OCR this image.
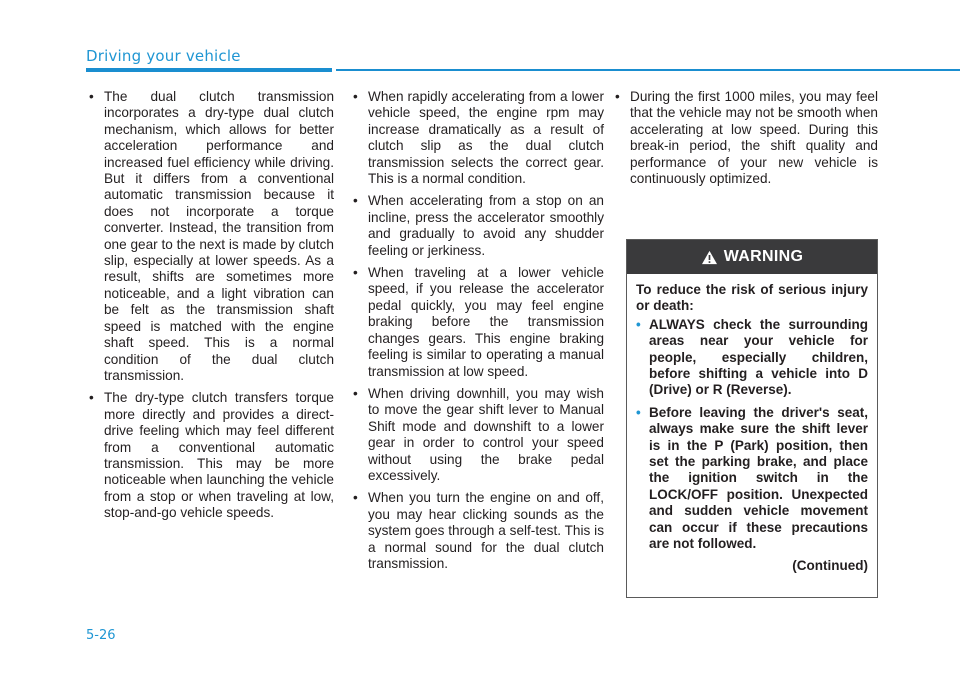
Driving your vehicle
• The dual clutch transmission incorporates a dry-type dual clutch mechanism, which allows for better acceleration performance and increased fuel efficiency while driving. But it differs from a conventional automatic transmission because it does not incorporate a torque converter. Instead, the transition from one gear to the next is made by clutch slip, especially at lower speeds. As a result, shifts are sometimes more noticeable, and a light vibration can be felt as the transmission shaft speed is matched with the engine shaft speed. This is a normal condition of the dual clutch transmission.
• The dry-type clutch transfers torque more directly and provides a direct-drive feeling which may feel different from a conventional automatic transmission. This may be more noticeable when launching the vehicle from a stop or when traveling at low, stop-and-go vehicle speeds.
• When rapidly accelerating from a lower vehicle speed, the engine rpm may increase dramatically as a result of clutch slip as the dual clutch transmission selects the correct gear. This is a normal condition.
• When accelerating from a stop on an incline, press the accelerator smoothly and gradually to avoid any shudder feeling or jerkiness.
• When traveling at a lower vehicle speed, if you release the accelerator pedal quickly, you may feel engine braking before the transmission changes gears. This engine braking feeling is similar to operating a manual transmission at low speed.
• When driving downhill, you may wish to move the gear shift lever to Manual Shift mode and downshift to a lower gear in order to control your speed without using the brake pedal excessively.
• When you turn the engine on and off, you may hear clicking sounds as the system goes through a self-test. This is a normal sound for the dual clutch transmission.
• During the first 1000 miles, you may feel that the vehicle may not be smooth when accelerating at low speed. During this break-in period, the shift quality and performance of your new vehicle is continuously optimized.
WARNING
To reduce the risk of serious injury or death:
• ALWAYS check the surrounding areas near your vehicle for people, especially children, before shifting a vehicle into D (Drive) or R (Reverse).
• Before leaving the driver's seat, always make sure the shift lever is in the P (Park) position, then set the parking brake, and place the ignition switch in the LOCK/OFF position. Unexpected and sudden vehicle movement can occur if these precautions are not followed.
(Continued)
5-26
